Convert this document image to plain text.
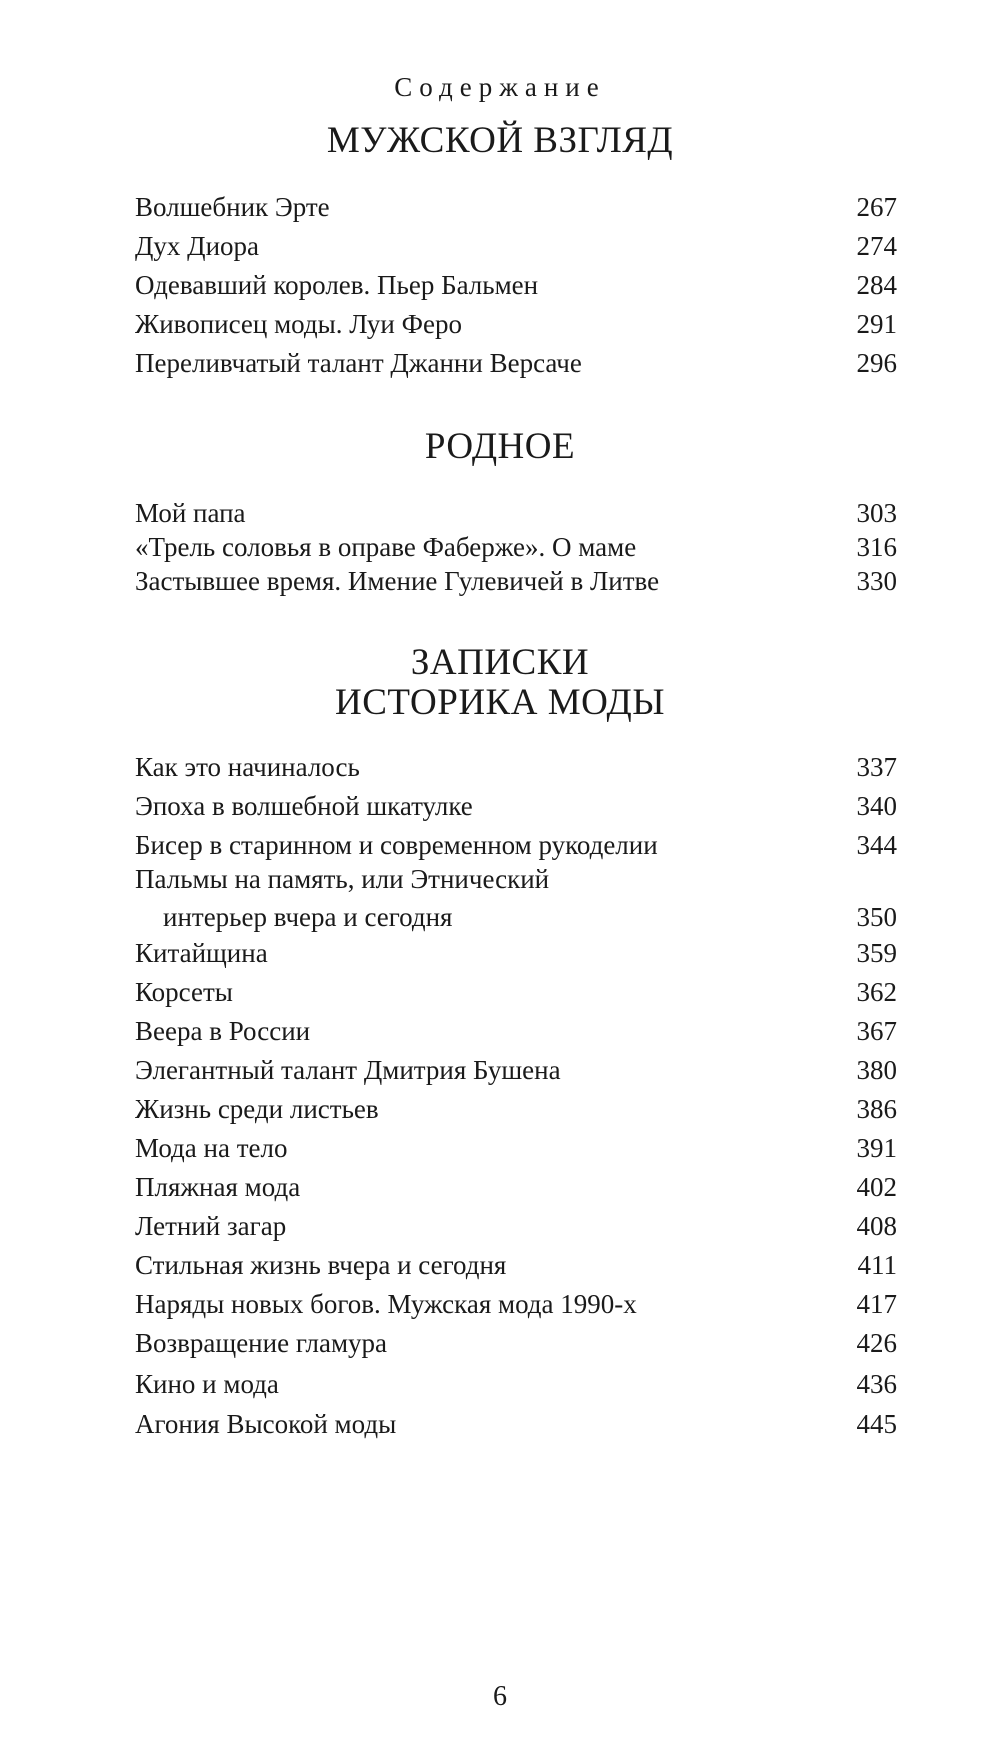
Содержание
МУЖСКОЙ ВЗГЛЯД
Волшебник Эрте	267
Дух Диора	274
Одевавший королев. Пьер Бальмен	284
Живописец моды. Луи Феро	291
Переливчатый талант Джанни Версаче	296
РОДНОЕ
Мой папа	303
«Трель соловья в оправе Фаберже». О маме	316
Застывшее время. Имение Гулевичей в Литве	330
ЗАПИСКИ
ИСТОРИКА МОДЫ
Как это начиналось	337
Эпоха в волшебной шкатулке	340
Бисер в старинном и современном рукоделии	344
Пальмы на память, или Этнический
интерьер вчера и сегодня	350
Китайщина	359
Корсеты	362
Веера в России	367
Элегантный талант Дмитрия Бушена	380
Жизнь среди листьев	386
Мода на тело	391
Пляжная мода	402
Летний загар	408
Стильная жизнь вчера и сегодня	411
Наряды новых богов. Мужская мода 1990-х	417
Возвращение гламура	426
Кино и мода	436
Агония Высокой моды	445
6
